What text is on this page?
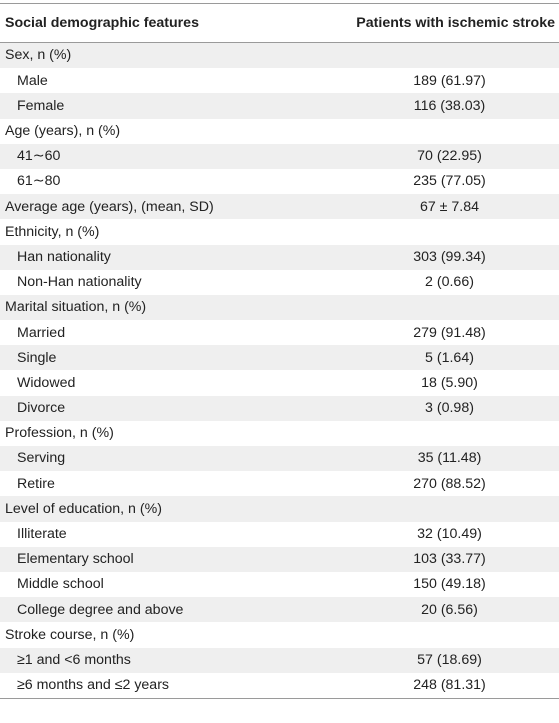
Social demographic features	Patients with ischemic stroke
Sex, n (%)
Male	189 (61.97)
Female	116 (38.03)
Age (years), n (%)
41∼60	70 (22.95)
61∼80	235 (77.05)
Average age (years), (mean, SD)	67 ± 7.84
Ethnicity, n (%)
Han nationality	303 (99.34)
Non-Han nationality	2 (0.66)
Marital situation, n (%)
Married	279 (91.48)
Single	5 (1.64)
Widowed	18 (5.90)
Divorce	3 (0.98)
Profession, n (%)
Serving	35 (11.48)
Retire	270 (88.52)
Level of education, n (%)
Illiterate	32 (10.49)
Elementary school	103 (33.77)
Middle school	150 (49.18)
College degree and above	20 (6.56)
Stroke course, n (%)
≥1 and <6 months	57 (18.69)
≥6 months and ≤2 years	248 (81.31)
